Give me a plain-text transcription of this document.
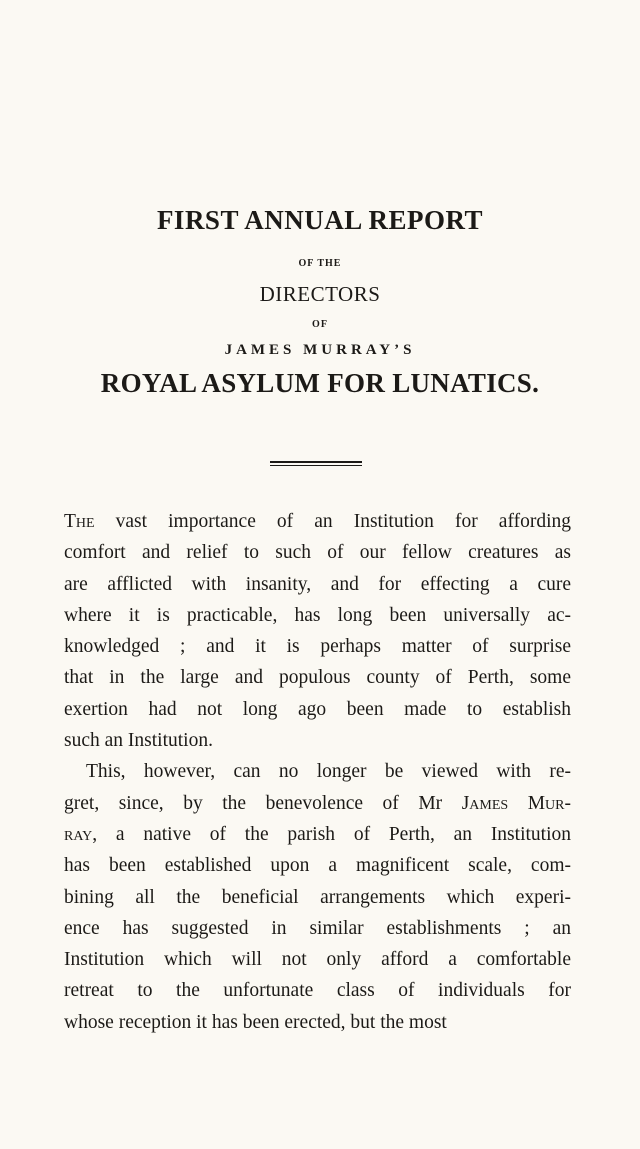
FIRST ANNUAL REPORT
OF THE
DIRECTORS
OF
JAMES MURRAY’S
ROYAL ASYLUM FOR LUNATICS.
The vast importance of an Institution for affording
comfort and relief to such of our fellow creatures as
are afflicted with insanity, and for effecting a cure
where it is practicable, has long been universally ac-
knowledged ; and it is perhaps matter of surprise
that in the large and populous county of Perth, some
exertion had not long ago been made to establish
such an Institution.
This, however, can no longer be viewed with re-
gret, since, by the benevolence of Mr James Mur-
ray, a native of the parish of Perth, an Institution
has been established upon a magnificent scale, com-
bining all the beneficial arrangements which experi-
ence has suggested in similar establishments ; an
Institution which will not only afford a comfortable
retreat to the unfortunate class of individuals for
whose reception it has been erected, but the most
